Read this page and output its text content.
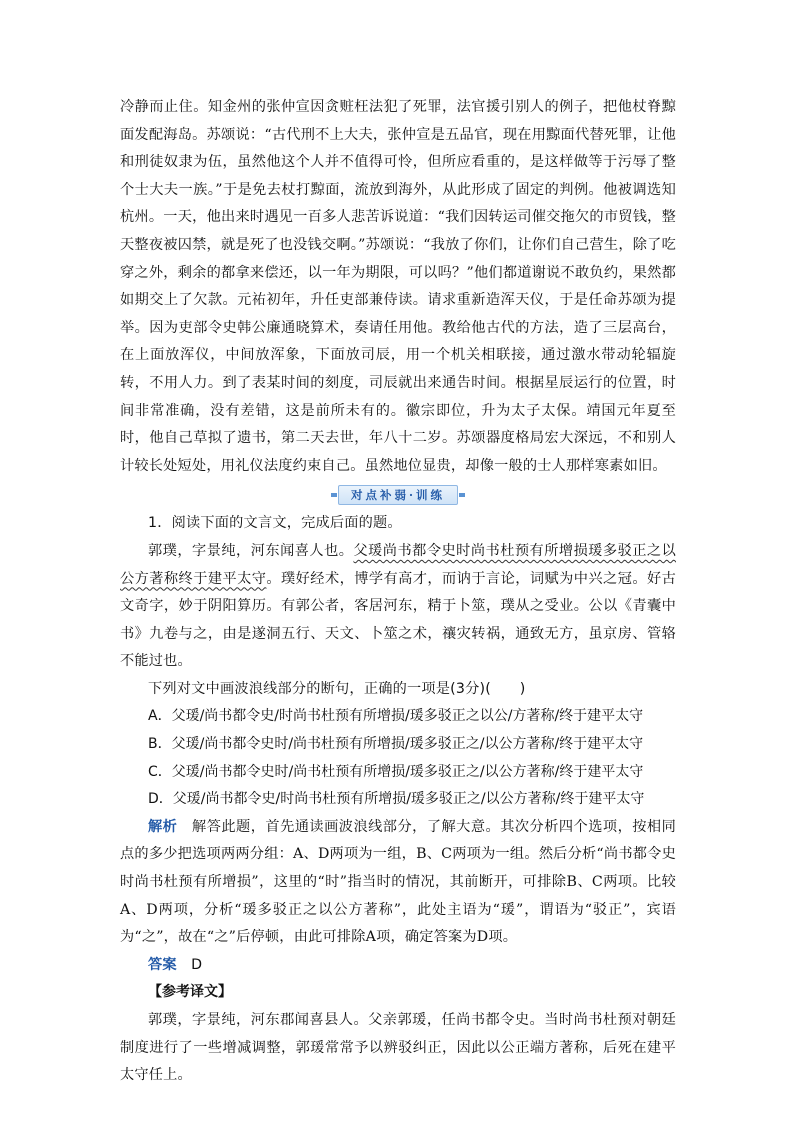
冷静而止住。知金州的张仲宣因贪赃枉法犯了死罪，法官援引别人的例子，把他杖脊黥面发配海岛。苏颂说：“古代刑不上大夫，张仲宣是五品官，现在用黥面代替死罪，让他和刑徒奴隶为伍，虽然他这个人并不值得可怜，但所应看重的，是这样做等于污辱了整个士大夫一族。”于是免去杖打黥面，流放到海外，从此形成了固定的判例。他被调选知杭州。一天，他出来时遇见一百多人悲苦诉说道：“我们因转运司催交拖欠的市贸钱，整天整夜被囚禁，就是死了也没钱交啊。”苏颂说：“我放了你们，让你们自己营生，除了吃穿之外，剩余的都拿来偿还，以一年为期限，可以吗？”他们都道谢说不敢负约，果然都如期交上了欠款。元祐初年，升任吏部兼侍读。请求重新造浑天仪，于是任命苏颂为提举。因为吏部令史韩公廉通晓算术，奏请任用他。教给他古代的方法，造了三层高台，在上面放浑仪，中间放浑象，下面放司辰，用一个机关相联接，通过激水带动轮辐旋转，不用人力。到了表某时间的刻度，司辰就出来通告时间。根据星辰运行的位置，时间非常准确，没有差错，这是前所未有的。徽宗即位，升为太子太保。靖国元年夏至时，他自己草拟了遗书，第二天去世，年八十二岁。苏颂器度格局宏大深远，不和别人计较长处短处，用礼仪法度约束自己。虽然地位显贵，却像一般的士人那样寒素如旧。

对点补弱·训练

1．阅读下面的文言文，完成后面的题。

郭璞，字景纯，河东闻喜人也。父瑗尚书都令史时尚书杜预有所增损瑗多驳正之以公方著称终于建平太守。璞好经术，博学有高才，而讷于言论，词赋为中兴之冠。好古文奇字，妙于阴阳算历。有郭公者，客居河东，精于卜筮，璞从之受业。公以《青囊中书》九卷与之，由是遂洞五行、天文、卜筮之术，禳灾转祸，通致无方，虽京房、管辂不能过也。

下列对文中画波浪线部分的断句，正确的一项是(3分)(　　)

A．父瑗/尚书都令史/时尚书杜预有所增损/瑗多驳正之以公/方著称/终于建平太守

B．父瑗/尚书都令史时/尚书杜预有所增损/瑗多驳正之/以公方著称/终于建平太守

C．父瑗/尚书都令史时/尚书杜预有所增损/瑗多驳正之/以公方著称/终于建平太守

D．父瑗/尚书都令史/时尚书杜预有所增损/瑗多驳正之/以公方著称/终于建平太守

解析　解答此题，首先通读画波浪线部分，了解大意。其次分析四个选项，按相同点的多少把选项两两分组：A、D两项为一组，B、C两项为一组。然后分析“尚书都令史时尚书杜预有所增损”，这里的“时”指当时的情况，其前断开，可排除B、C两项。比较A、D两项，分析“瑗多驳正之以公方著称”，此处主语为“瑗”，谓语为“驳正”，宾语为“之”，故在“之”后停顿，由此可排除A项，确定答案为D项。

答案　D

【参考译文】

郭璞，字景纯，河东郡闻喜县人。父亲郭瑗，任尚书都令史。当时尚书杜预对朝廷制度进行了一些增减调整，郭瑗常常予以辨驳纠正，因此以公正端方著称，后死在建平太守任上。
